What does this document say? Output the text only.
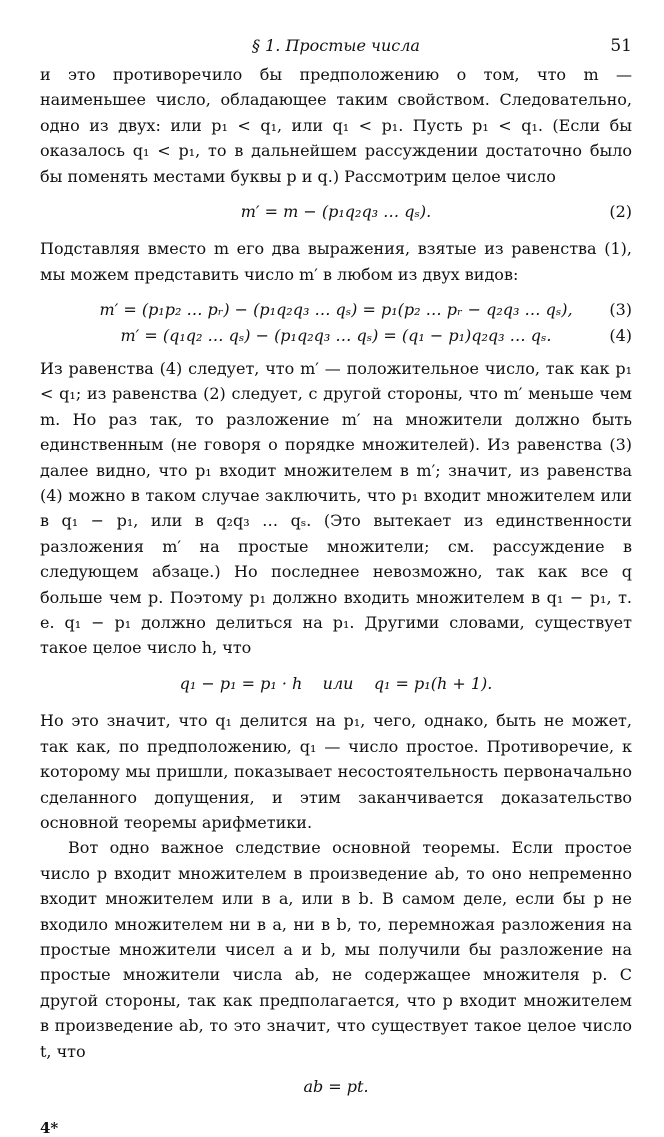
§ 1. Простые числа	51

и это противоречило бы предположению о том, что m — наименьшее число, обладающее таким свойством. Следовательно, одно из двух: или p₁ < q₁, или q₁ < p₁. Пусть p₁ < q₁. (Если бы оказалось q₁ < p₁, то в дальнейшем рассуждении достаточно было бы поменять местами буквы p и q.) Рассмотрим целое число

m′ = m − (p₁q₂q₃ … qₛ).	(2)

Подставляя вместо m его два выражения, взятые из равенства (1), мы можем представить число m′ в любом из двух видов:

m′ = (p₁p₂ … pᵣ) − (p₁q₂q₃ … qₛ) = p₁(p₂ … pᵣ − q₂q₃ … qₛ), (3)
m′ = (q₁q₂ … qₛ) − (p₁q₂q₃ … qₛ) = (q₁ − p₁)q₂q₃ … qₛ.	(4)

Из равенства (4) следует, что m′ — положительное число, так как p₁ < q₁; из равенства (2) следует, с другой стороны, что m′ меньше чем m. Но раз так, то разложение m′ на множители должно быть единственным (не говоря о порядке множителей). Из равенства (3) далее видно, что p₁ входит множителем в m′; значит, из равенства (4) можно в таком случае заключить, что p₁ входит множителем или в q₁ − p₁, или в q₂q₃ … qₛ. (Это вытекает из единственности разложения m′ на простые множители; см. рассуждение в следующем абзаце.) Но последнее невозможно, так как все q больше чем p. Поэтому p₁ должно входить множителем в q₁ − p₁, т. е. q₁ − p₁ должно делиться на p₁. Другими словами, существует такое целое число h, что

q₁ − p₁ = p₁ · h    или    q₁ = p₁(h + 1).

Но это значит, что q₁ делится на p₁, чего, однако, быть не может, так как, по предположению, q₁ — число простое. Противоречие, к которому мы пришли, показывает несостоятельность первоначально сделанного допущения, и этим заканчивается доказательство основной теоремы арифметики.

Вот одно важное следствие основной теоремы. Если простое число p входит множителем в произведение ab, то оно непременно входит множителем или в a, или в b. В самом деле, если бы p не входило множителем ни в a, ни в b, то, перемножая разложения на простые множители чисел a и b, мы получили бы разложение на простые множители числа ab, не содержащее множителя p. С другой стороны, так как предполагается, что p входит множителем в произведение ab, то это значит, что существует такое целое число t, что

ab = pt.
4*
